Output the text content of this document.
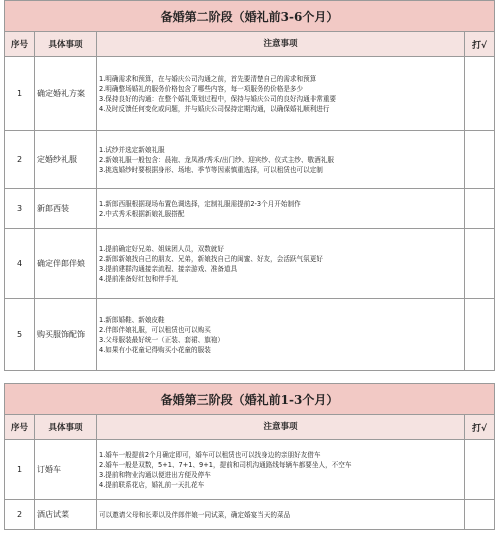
备婚第二阶段（婚礼前3-6个月）			
序号	具体事项	注意事项	打√
1	确定婚礼方案	1.明确需求和预算，在与婚庆公司沟通之前，首先要清楚自己的需求和预算
2.明确整场婚礼的服务价格包含了哪些内容，每一项服务的价格是多少
3.保持良好的沟通：在整个婚礼策划过程中，保持与婚庆公司的良好沟通非常重要
4.及时反馈任何变化或问题，并与婚庆公司保持定期沟通，以确保婚礼顺利进行	

2	定婚纱礼服	1.试纱并选定新娘礼服
2.新娘礼服一般包含：晨袍、龙凤褂/秀禾/出门纱、迎宾纱、仪式主纱、敬酒礼服
3.挑选婚纱时要根据身形、场地、季节等因素慎重选择，可以租赁也可以定制	

3	新郎西装	1.新郎西服根据现场布置色调选择，定制礼服需提前2-3个月开始制作
2.中式秀禾根据新娘礼服搭配	

4	确定伴郎伴娘	1.提前确定好兄弟、姐妹团人员，双数就好
2.新郎新娘找自己的朋友、兄弟，新娘找自己的闺蜜、好友，会活跃气氛更好
3.提前建群沟通接亲流程、接亲游戏、准备道具
4.提前准备好红包和伴手礼	

5	购买服饰配饰	1.新郎婚鞋、新娘皮鞋
2.伴郎伴娘礼服，可以租赁也可以购买
3.父母服装最好统一（正装、套裙、旗袍）
4.如果有小花童记得购买小花童的服装	

备婚第三阶段（婚礼前1-3个月）			
序号	具体事项	注意事项	打√
1	订婚车	1.婚车一般提前2个月确定即可，婚车可以租赁也可以找身边的亲朋好友借车
2.婚车一般是双数，5+1、7+1、9+1，提前和司机沟通路线每辆车都要坐人，不空车
3.提前和物业沟通以便进出方便及停车
4.提前联系花店，婚礼前一天扎花车	

2	酒店试菜	可以邀请父母和长辈以及伴郎伴娘一同试菜，确定婚宴当天的菜品	
